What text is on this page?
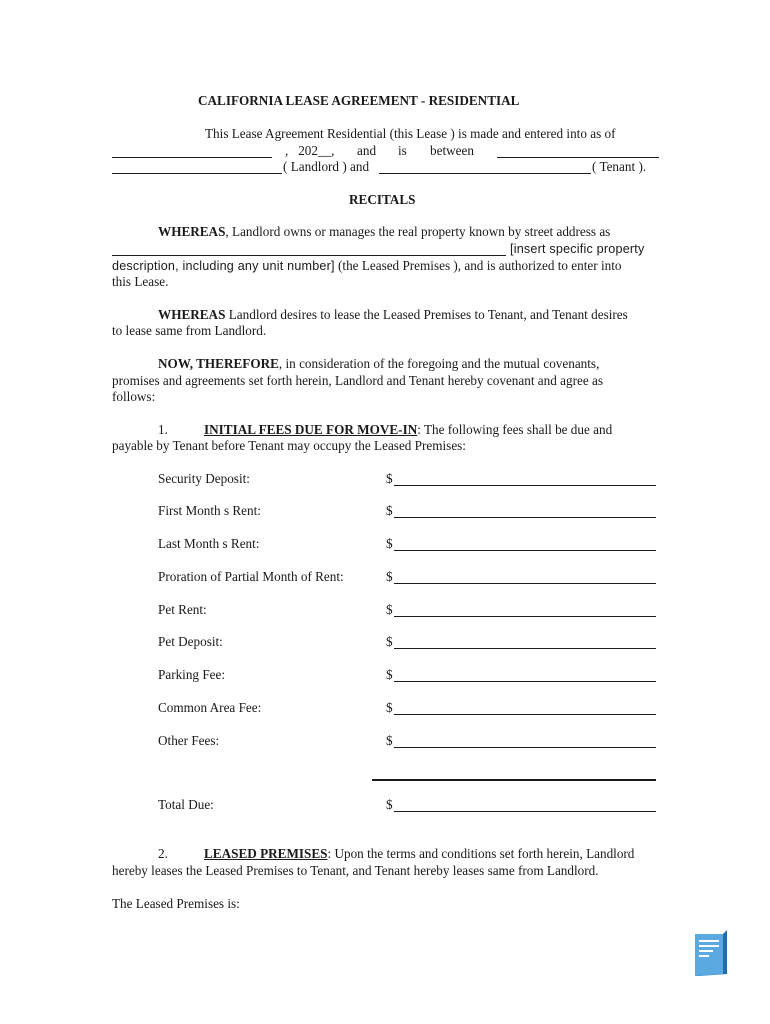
CALIFORNIA LEASE AGREEMENT - RESIDENTIAL
This Lease Agreement Residential (this Lease ) is made and entered into as of
,   202__, and is between
( Landlord ) and	( Tenant ).
RECITALS
WHEREAS, Landlord owns or manages the real property known by street address as
[insert specific property
description, including any unit number] (the Leased Premises ), and is authorized to enter into
this Lease.
WHEREAS Landlord desires to lease the Leased Premises to Tenant, and Tenant desires
to lease same from Landlord.
NOW, THEREFORE, in consideration of the foregoing and the mutual covenants,
promises and agreements set forth herein, Landlord and Tenant hereby covenant and agree as
follows:
1.	INITIAL FEES DUE FOR MOVE-IN: The following fees shall be due and
payable by Tenant before Tenant may occupy the Leased Premises:
Security Deposit:	$
First Month s Rent:	$
Last Month s Rent:	$
Proration of Partial Month of Rent:	$
Pet Rent:	$
Pet Deposit:	$
Parking Fee:	$
Common Area Fee:	$
Other Fees:	$
Total Due:	$
2.	LEASED PREMISES: Upon the terms and conditions set forth herein, Landlord
hereby leases the Leased Premises to Tenant, and Tenant hereby leases same from Landlord.
The Leased Premises is:
